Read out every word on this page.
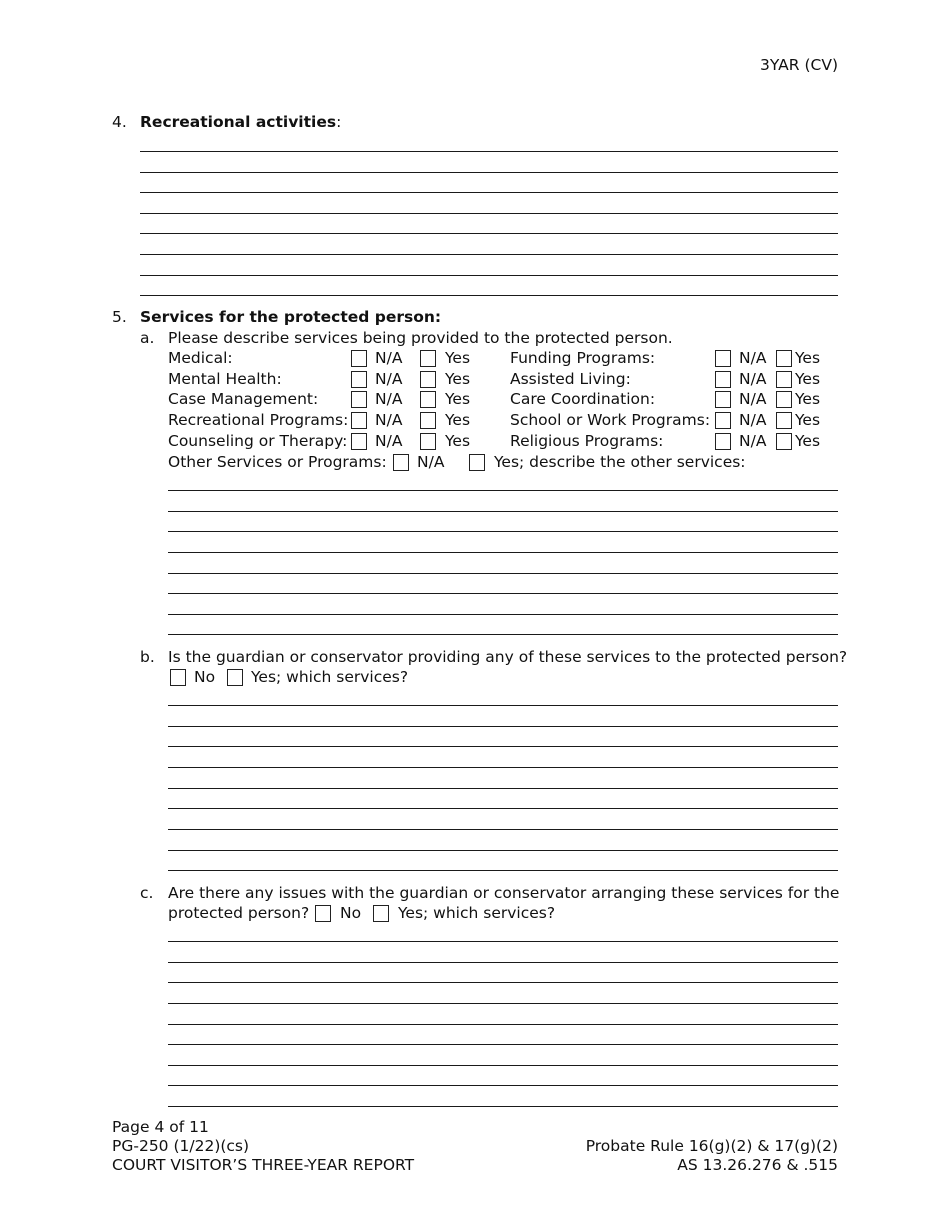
3YAR (CV)
4. Recreational activities:
5. Services for the protected person:
a. Please describe services being provided to the protected person.
Medical:	N/A	Yes	Funding Programs:	N/A Yes
Mental Health:	N/A	Yes	Assisted Living:	N/A Yes
Case Management:	N/A	Yes	Care Coordination:	N/A Yes
Recreational Programs: N/A	Yes	School or Work Programs: N/A Yes
Counseling or Therapy: N/A	Yes	Religious Programs:	N/A Yes
Other Services or Programs: N/A	Yes; describe the other services:
b. Is the guardian or conservator providing any of these services to the protected person?
No Yes; which services?
c. Are there any issues with the guardian or conservator arranging these services for the
protected person? No Yes; which services?
Page 4 of 11
PG-250 (1/22)(cs)
COURT VISITOR’S THREE-YEAR REPORT
Probate Rule 16(g)(2) & 17(g)(2)
AS 13.26.276 & .515
